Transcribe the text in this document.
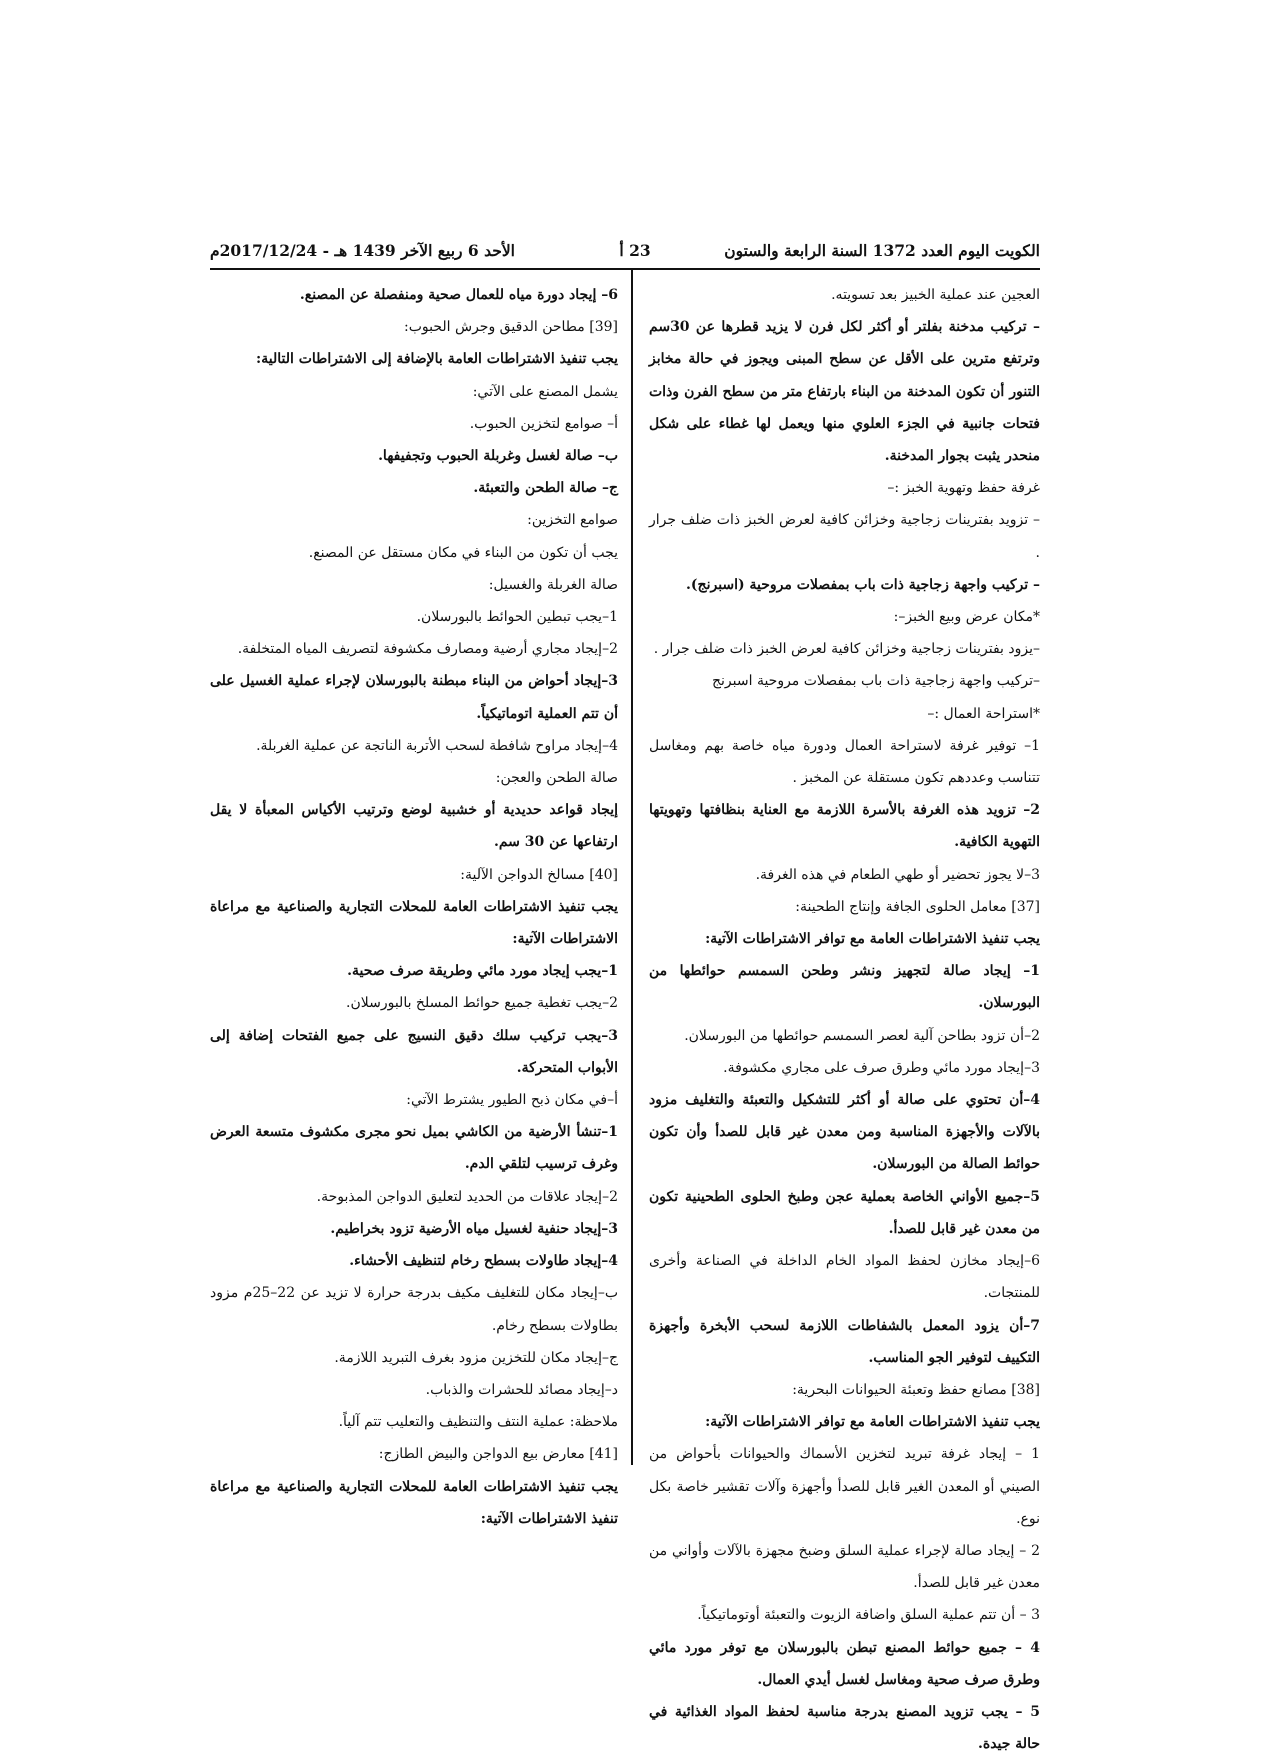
الكويت اليوم العدد 1372 السنة الرابعة والستون
23 أ
الأحد 6 ربيع الآخر 1439 هـ - 2017/12/24م

العجين عند عملية الخبيز بعد تسويته.

– تركيب مدخنة بفلتر أو أكثر لكل فرن لا يزيد قطرها عن 30سم وترتفع مترين على الأقل عن سطح المبنى ويجوز في حالة مخابز التنور أن تكون المدخنة من البناء بارتفاع متر من سطح الفرن وذات فتحات جانبية في الجزء العلوي منها ويعمل لها غطاء على شكل منحدر يثبت بجوار المدخنة.

غرفة حفظ وتهوية الخبز :–

– تزويد بفترينات زجاجية وخزائن كافية لعرض الخبز ذات ضلف جرار .

– تركيب واجهة زجاجية ذات باب بمفصلات مروحية (اسبرنج).

*مكان عرض وبيع الخبز–:

–يزود بفترينات زجاجية وخزائن كافية لعرض الخبز ذات ضلف جرار .

–تركيب واجهة زجاجية ذات باب بمفصلات مروحية اسبرنج

*استراحة العمال :–

1– توفير غرفة لاستراحة العمال ودورة مياه خاصة بهم ومغاسل تتناسب وعددهم تكون مستقلة عن المخبز .

2– تزويد هذه الغرفة بالأسرة اللازمة مع العناية بنظافتها وتهويتها التهوية الكافية.

3–لا يجوز تحضير أو طهي الطعام في هذه الغرفة.

[37] معامل الحلوى الجافة وإنتاج الطحينة:

يجب تنفيذ الاشتراطات العامة مع توافر الاشتراطات الآتية:

1– إيجاد صالة لتجهيز ونشر وطحن السمسم حوائطها من البورسلان.

2–أن تزود بطاحن آلية لعصر السمسم حوائطها من البورسلان.

3–إيجاد مورد مائي وطرق صرف على مجاري مكشوفة.

4–أن تحتوي على صالة أو أكثر للتشكيل والتعبئة والتغليف مزود بالآلات والأجهزة المناسبة ومن معدن غير قابل للصدأ وأن تكون حوائط الصالة من البورسلان.

5–جميع الأواني الخاصة بعملية عجن وطبخ الحلوى الطحينية تكون من معدن غير قابل للصدأ.

6–إيجاد مخازن لحفظ المواد الخام الداخلة في الصناعة وأخرى للمنتجات.

7–أن يزود المعمل بالشفاطات اللازمة لسحب الأبخرة وأجهزة التكييف لتوفير الجو المناسب.

[38] مصانع حفظ وتعبئة الحيوانات البحرية:

يجب تنفيذ الاشتراطات العامة مع توافر الاشتراطات الآتية:

1 – إيجاد غرفة تبريد لتخزين الأسماك والحيوانات بأحواض من الصيني أو المعدن الغير قابل للصدأ وأجهزة وآلات تقشير خاصة بكل نوع.

2 – إيجاد صالة لإجراء عملية السلق وضبخ مجهزة بالآلات وأواني من معدن غير قابل للصدأ.

3 – أن تتم عملية السلق واضافة الزيوت والتعبئة أوتوماتيكياً.

4 – جميع حوائط المصنع تبطن بالبورسلان مع توفر مورد مائي وطرق صرف صحية ومغاسل لغسل أيدي العمال.

5 – يجب تزويد المصنع بدرجة مناسبة لحفظ المواد الغذائية في حالة جيدة.

6– إيجاد دورة مياه للعمال صحية ومنفصلة عن المصنع.

[39] مطاحن الدقيق وجرش الحبوب:

يجب تنفيذ الاشتراطات العامة بالإضافة إلى الاشتراطات التالية:

يشمل المصنع على الآتي:

أ– صوامع لتخزين الحبوب.

ب– صالة لغسل وغربلة الحبوب وتجفيفها.

ج– صالة الطحن والتعبئة.

صوامع التخزين:

يجب أن تكون من البناء في مكان مستقل عن المصنع.

صالة الغربلة والغسيل:

1–يجب تبطين الحوائط بالبورسلان.

2–إيجاد مجاري أرضية ومصارف مكشوفة لتصريف المياه المتخلفة.

3–إيجاد أحواض من البناء مبطنة بالبورسلان لإجراء عملية الغسيل على أن تتم العملية اتوماتيكياً.

4–إيجاد مراوح شافطة لسحب الأتربة الناتجة عن عملية الغربلة.

صالة الطحن والعجن:

إيجاد قواعد حديدية أو خشبية لوضع وترتيب الأكياس المعبأة لا يقل ارتفاعها عن 30 سم.

[40] مسالخ الدواجن الآلية:

يجب تنفيذ الاشتراطات العامة للمحلات التجارية والصناعية مع مراعاة الاشتراطات الآتية:

1–يجب إيجاد مورد مائي وطريقة صرف صحية.

2–يجب تغطية جميع حوائط المسلخ بالبورسلان.

3–يجب تركيب سلك دقيق النسيج على جميع الفتحات إضافة إلى الأبواب المتحركة.

أ–في مكان ذبح الطيور يشترط الآتي:

1–تنشأ الأرضية من الكاشي بميل نحو مجرى مكشوف متسعة العرض وغرف ترسيب لتلقي الدم.

2–إيجاد علاقات من الحديد لتعليق الدواجن المذبوحة.

3–إيجاد حنفية لغسيل مياه الأرضية تزود بخراطيم.

4–إيجاد طاولات بسطح رخام لتنظيف الأحشاء.

ب–إيجاد مكان للتغليف مكيف بدرجة حرارة لا تزيد عن 22–25م مزود بطاولات بسطح رخام.

ج–إيجاد مكان للتخزين مزود بغرف التبريد اللازمة.

د–إيجاد مصائد للحشرات والذباب.

ملاحظة: عملية النتف والتنظيف والتعليب تتم آلياً.

[41] معارض بيع الدواجن والبيض الطازج:

يجب تنفيذ الاشتراطات العامة للمحلات التجارية والصناعية مع مراعاة تنفيذ الاشتراطات الآتية:
